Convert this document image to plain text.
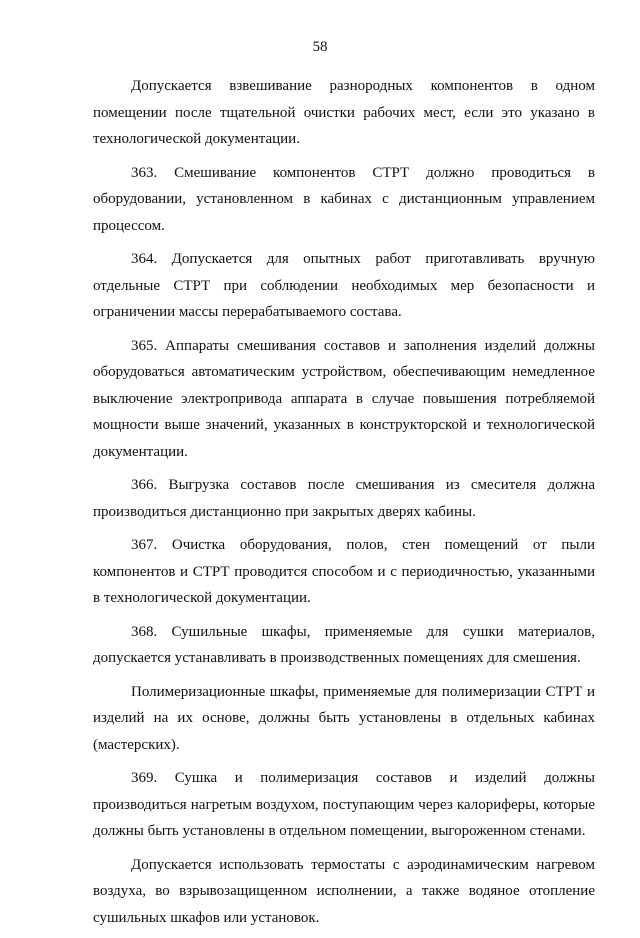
58

Допускается взвешивание разнородных компонентов в одном помещении после тщательной очистки рабочих мест, если это указано в технологической документации.

363. Смешивание компонентов СТРТ должно проводиться в оборудовании, установленном в кабинах с дистанционным управлением процессом.

364. Допускается для опытных работ приготавливать вручную отдельные СТРТ при соблюдении необходимых мер безопасности и ограничении массы перерабатываемого состава.

365. Аппараты смешивания составов и заполнения изделий должны оборудоваться автоматическим устройством, обеспечивающим немедленное выключение электропривода аппарата в случае повышения потребляемой мощности выше значений, указанных в конструкторской и технологической документации.

366. Выгрузка составов после смешивания из смесителя должна производиться дистанционно при закрытых дверях кабины.

367. Очистка оборудования, полов, стен помещений от пыли компонентов и СТРТ проводится способом и с периодичностью, указанными в технологической документации.

368. Сушильные шкафы, применяемые для сушки материалов, допускается устанавливать в производственных помещениях для смешения.

Полимеризационные шкафы, применяемые для полимеризации СТРТ и изделий на их основе, должны быть установлены в отдельных кабинах (мастерских).

369. Сушка и полимеризация составов и изделий должны производиться нагретым воздухом, поступающим через калориферы, которые должны быть установлены в отдельном помещении, выгороженном стенами.

Допускается использовать термостаты с аэродинамическим нагревом воздуха, во взрывозащищенном исполнении, а также водяное отопление сушильных шкафов или установок.
